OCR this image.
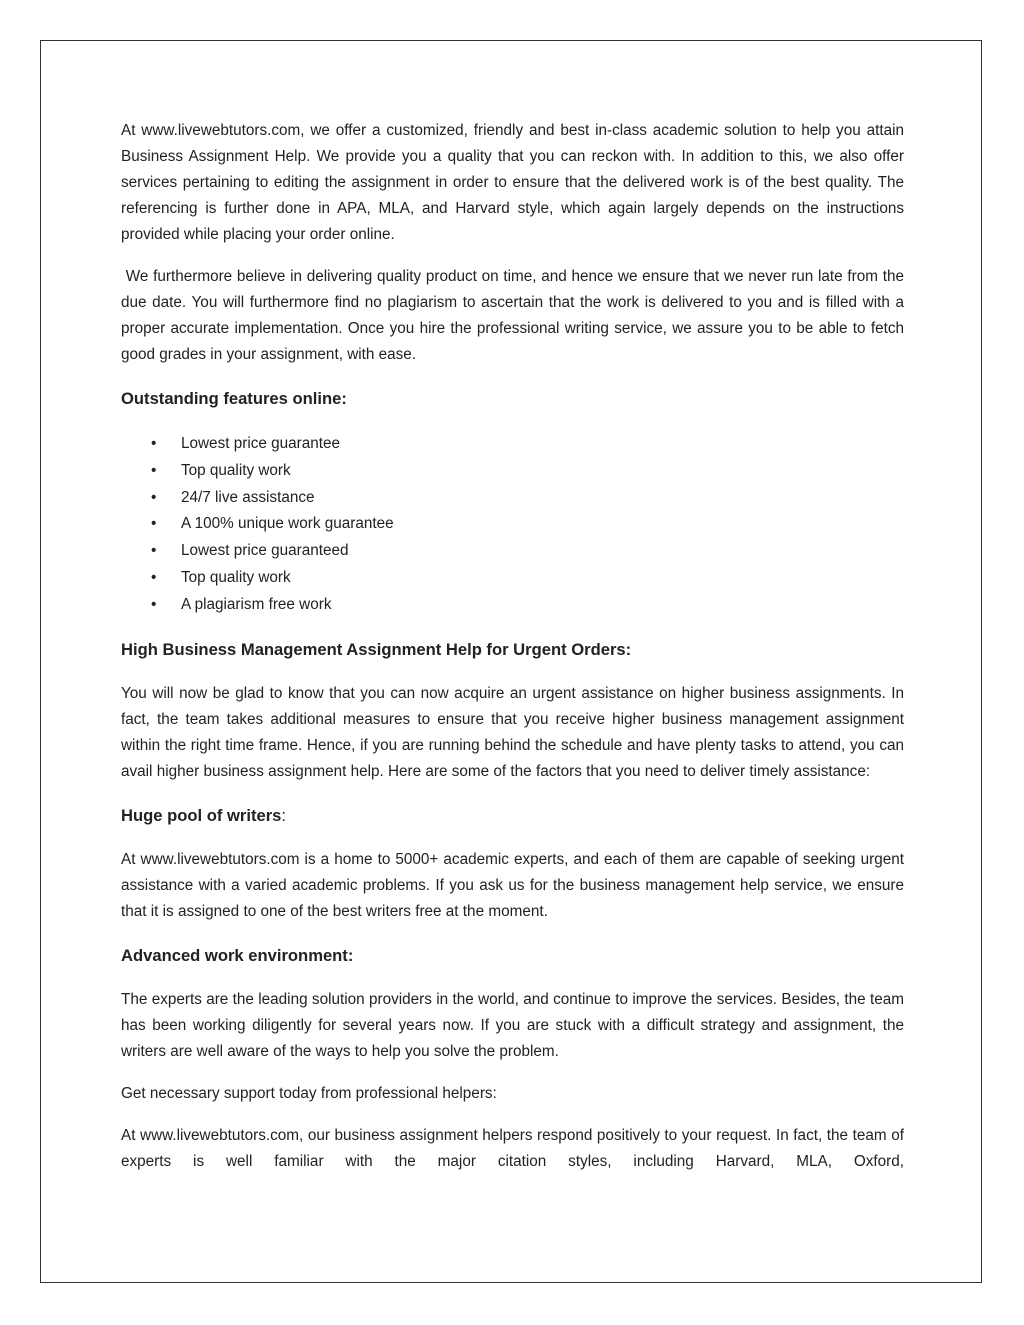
At www.livewebtutors.com, we offer a customized, friendly and best in-class academic solution to help you attain Business Assignment Help. We provide you a quality that you can reckon with. In addition to this, we also offer services pertaining to editing the assignment in order to ensure that the delivered work is of the best quality. The referencing is further done in APA, MLA, and Harvard style, which again largely depends on the instructions provided while placing your order online.

We furthermore believe in delivering quality product on time, and hence we ensure that we never run late from the due date. You will furthermore find no plagiarism to ascertain that the work is delivered to you and is filled with a proper accurate implementation. Once you hire the professional writing service, we assure you to be able to fetch good grades in your assignment, with ease.

Outstanding features online:
• Lowest price guarantee
• Top quality work
• 24/7 live assistance
• A 100% unique work guarantee
• Lowest price guaranteed
• Top quality work
• A plagiarism free work
High Business Management Assignment Help for Urgent Orders:

You will now be glad to know that you can now acquire an urgent assistance on higher business assignments. In fact, the team takes additional measures to ensure that you receive higher business management assignment within the right time frame. Hence, if you are running behind the schedule and have plenty tasks to attend, you can avail higher business assignment help. Here are some of the factors that you need to deliver timely assistance:

Huge pool of writers:

At www.livewebtutors.com is a home to 5000+ academic experts, and each of them are capable of seeking urgent assistance with a varied academic problems. If you ask us for the business management help service, we ensure that it is assigned to one of the best writers free at the moment.

Advanced work environment:

The experts are the leading solution providers in the world, and continue to improve the services. Besides, the team has been working diligently for several years now. If you are stuck with a difficult strategy and assignment, the writers are well aware of the ways to help you solve the problem.

Get necessary support today from professional helpers:

At www.livewebtutors.com, our business assignment helpers respond positively to your request. In fact, the team of experts is well familiar with the major citation styles, including Harvard, MLA, Oxford,
